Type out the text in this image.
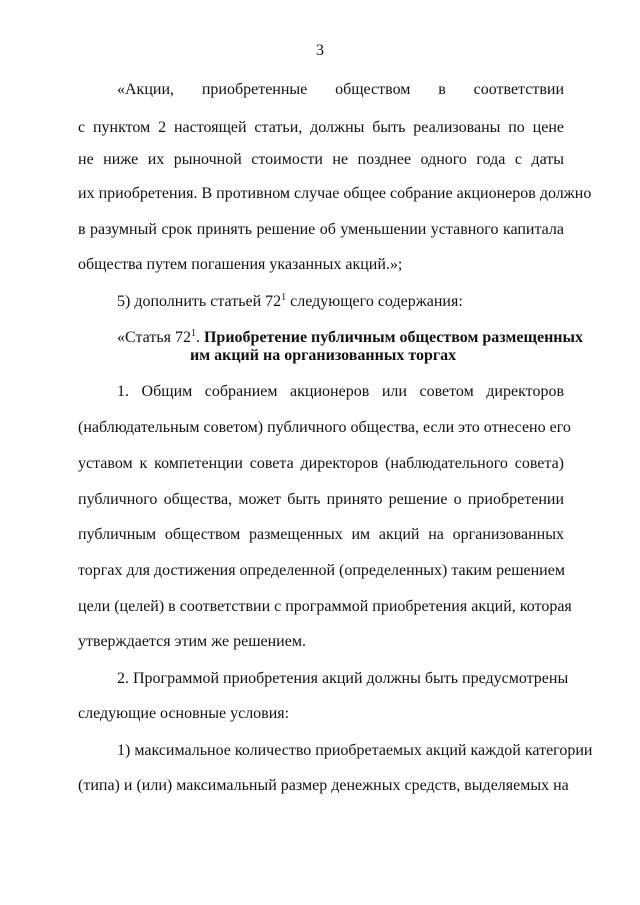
3
«Акции, приобретенные обществом в соответствии
с пунктом 2 настоящей статьи, должны быть реализованы по цене
не ниже их рыночной стоимости не позднее одного года с даты
их приобретения. В противном случае общее собрание акционеров должно
в разумный срок принять решение об уменьшении уставного капитала
общества путем погашения указанных акций.»;
5) дополнить статьей $72^1$ следующего содержания:
«Статья $72^1$. Приобретение публичным обществом размещенных
им акций на организованных торгах
1. Общим собранием акционеров или советом директоров
(наблюдательным советом) публичного общества, если это отнесено его
уставом к компетенции совета директоров (наблюдательного совета)
публичного общества, может быть принято решение о приобретении
публичным обществом размещенных им акций на организованных
торгах для достижения определенной (определенных) таким решением
цели (целей) в соответствии с программой приобретения акций, которая
утверждается этим же решением.
2. Программой приобретения акций должны быть предусмотрены
следующие основные условия:
1) максимальное количество приобретаемых акций каждой категории
(типа) и (или) максимальный размер денежных средств, выделяемых на
